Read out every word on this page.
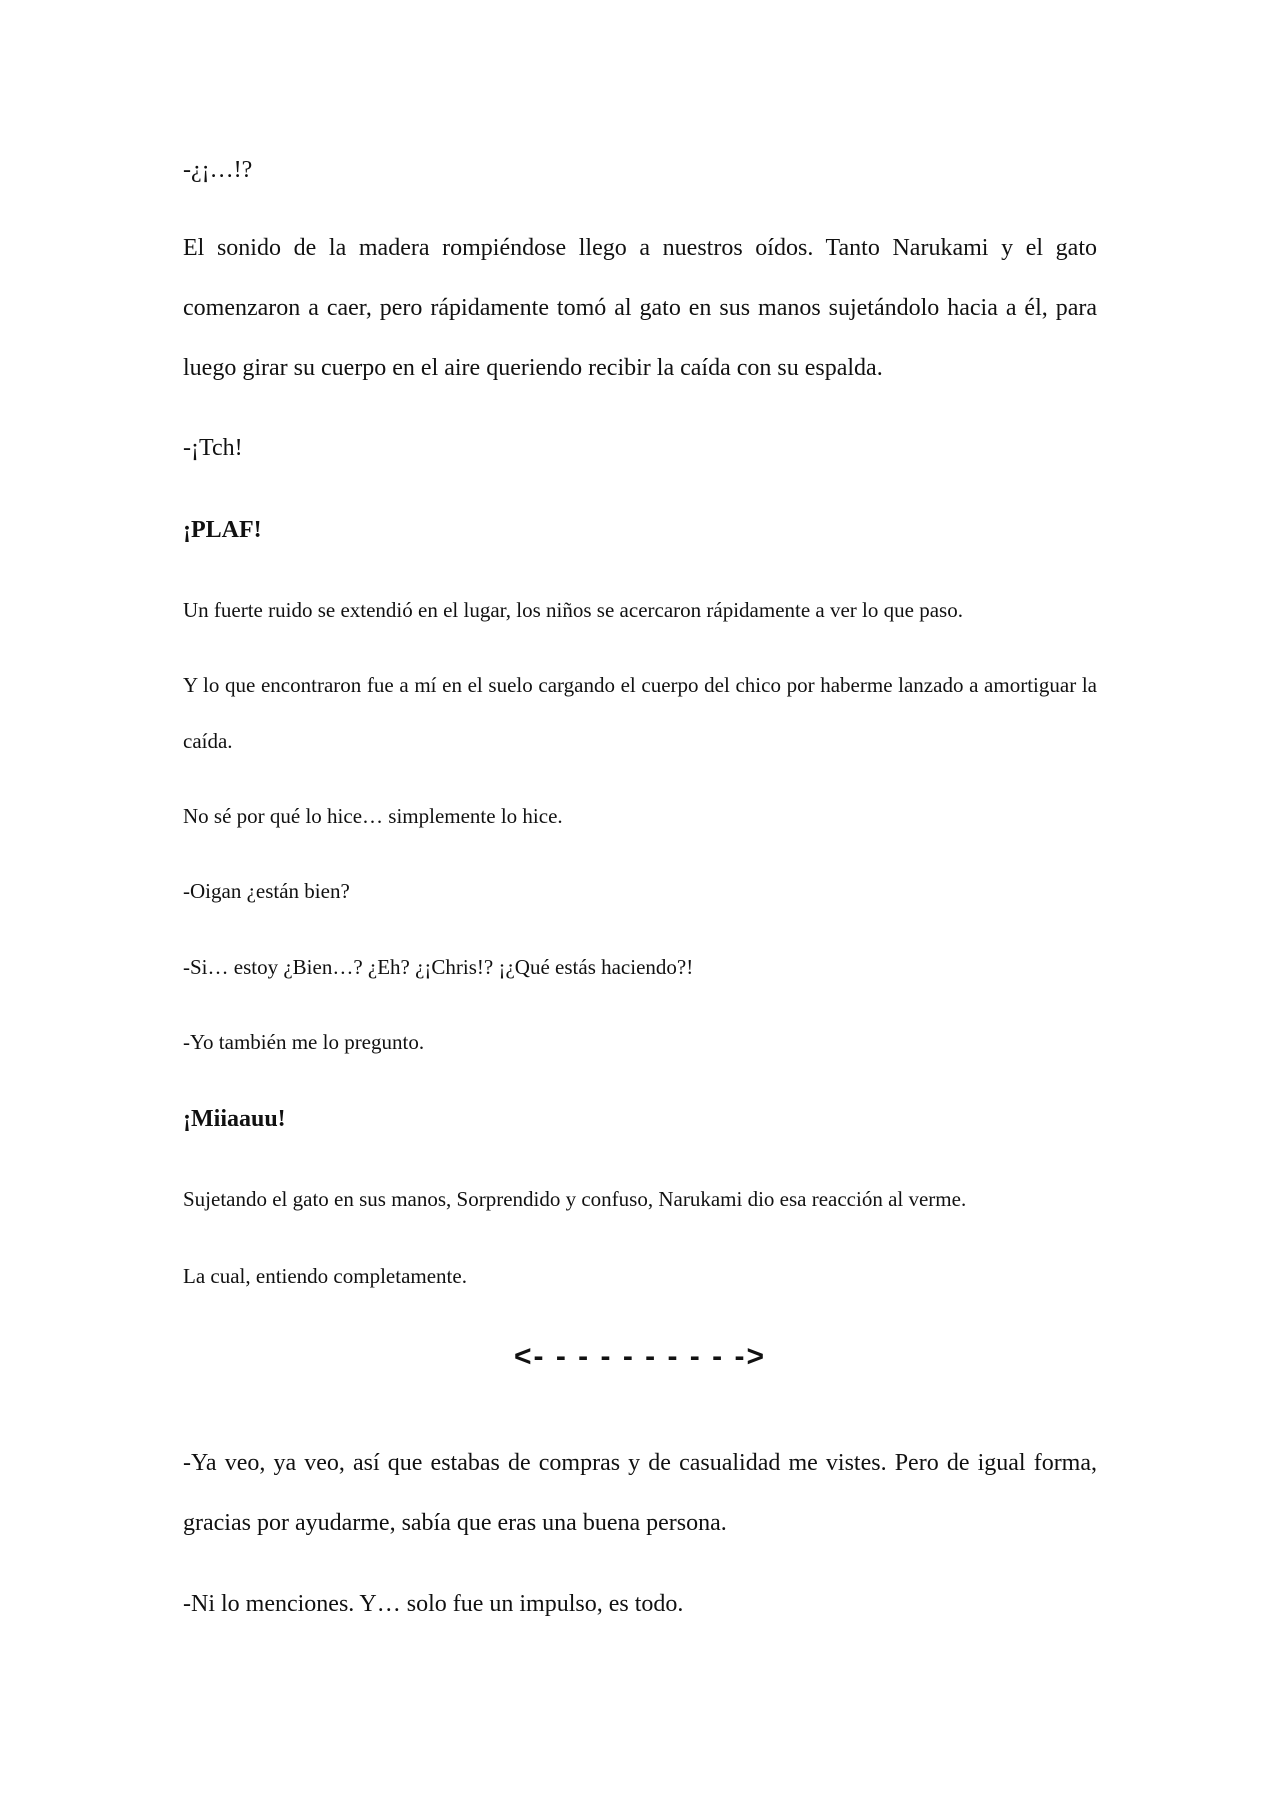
-¿¡…!?

El sonido de la madera rompiéndose llego a nuestros oídos. Tanto Narukami y el gato comenzaron a caer, pero rápidamente tomó al gato en sus manos sujetándolo hacia a él, para luego girar su cuerpo en el aire queriendo recibir la caída con su espalda.

-¡Tch!

¡PLAF!

Un fuerte ruido se extendió en el lugar, los niños se acercaron rápidamente a ver lo que paso.

Y lo que encontraron fue a mí en el suelo cargando el cuerpo del chico por haberme lanzado a amortiguar la caída.

No sé por qué lo hice… simplemente lo hice.

-Oigan ¿están bien?

-Si… estoy ¿Bien…? ¿Eh? ¿¡Chris!? ¡¿Qué estás haciendo?!

-Yo también me lo pregunto.

¡Miiaauu!

Sujetando el gato en sus manos, Sorprendido y confuso, Narukami dio esa reacción al verme.

La cual, entiendo completamente.

<- - - - - - - - - ->

-Ya veo, ya veo, así que estabas de compras y de casualidad me vistes. Pero de igual forma, gracias por ayudarme, sabía que eras una buena persona.

-Ni lo menciones. Y… solo fue un impulso, es todo.
